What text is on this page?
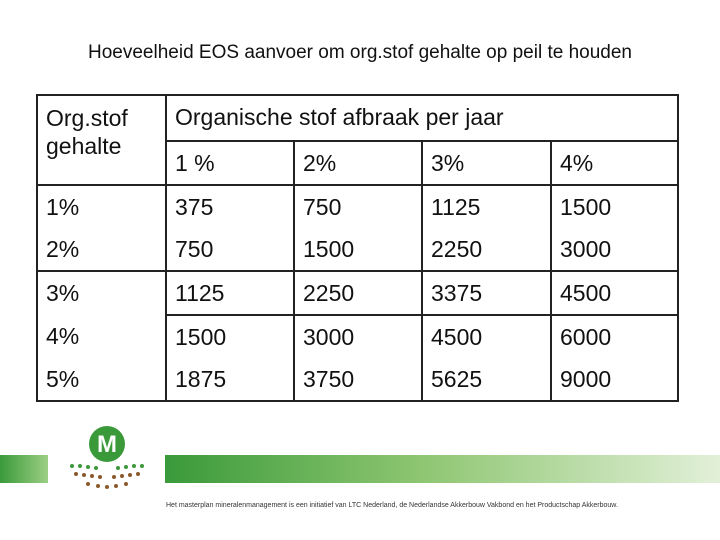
Hoeveelheid EOS aanvoer om org.stof gehalte op peil te houden
Org.stof gehalte	Organische stof afbraak per jaar			
	1 %	2%	3%	4%
1%	375	750	1125	1500
2%	750	1500	2250	3000
3%	1125	2250	3375	4500
4%	1500	3000	4500	6000
5%	1875	3750	5625	9000
M
Het masterplan mineralenmanagement is een initiatief van LTC Nederland, de Nederlandse Akkerbouw Vakbond en het Productschap Akkerbouw.
